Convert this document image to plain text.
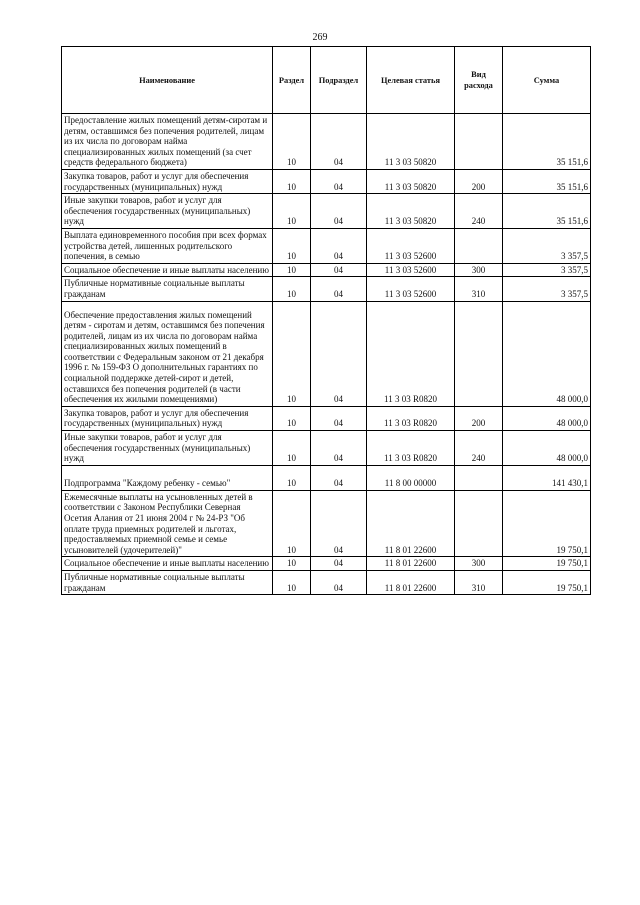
269
Наименование	Раздел	Подраздел	Целевая статья	Вид расхода	Сумма
Предоставление жилых помещений детям-сиротам и детям, оставшимся без попечения родителей, лицам из их числа по договорам найма специализированных жилых помещений (за счет средств федерального бюджета)	10	04	11 3 03 50820		35 151,6
Закупка товаров, работ и услуг для обеспечения государственных (муниципальных) нужд	10	04	11 3 03 50820	200	35 151,6
Иные закупки товаров, работ и услуг для обеспечения государственных (муниципальных) нужд	10	04	11 3 03 50820	240	35 151,6
Выплата единовременного пособия при всех формах устройства детей, лишенных родительского попечения, в семью	10	04	11 3 03 52600		3 357,5
Социальное обеспечение и иные выплаты населению	10	04	11 3 03 52600	300	3 357,5
Публичные нормативные социальные выплаты гражданам	10	04	11 3 03 52600	310	3 357,5
Обеспечение предоставления жилых помещений детям - сиротам и детям, оставшимся без попечения родителей, лицам из их числа по договорам найма специализированных жилых помещений в соответствии с Федеральным законом от 21 декабря 1996 г. № 159-ФЗ О дополнительных гарантиях по социальной поддержке детей-сирот и детей, оставшихся без попечения родителей (в части обеспечения их жилыми помещениями)	10	04	11 3 03 R0820		48 000,0
Закупка товаров, работ и услуг для обеспечения государственных (муниципальных) нужд	10	04	11 3 03 R0820	200	48 000,0
Иные закупки товаров, работ и услуг для обеспечения государственных (муниципальных) нужд	10	04	11 3 03 R0820	240	48 000,0
Подпрограмма "Каждому ребенку - семью"	10	04	11 8 00 00000		141 430,1
Ежемесячные выплаты на усыновленных детей в соответствии с Законом Республики Северная Осетия Алания от 21 июня 2004 г № 24-РЗ "Об оплате труда приемных родителей и льготах, предоставляемых приемной семье и семье усыновителей (удочерителей)"	10	04	11 8 01 22600		19 750,1
Социальное обеспечение и иные выплаты населению	10	04	11 8 01 22600	300	19 750,1
Публичные нормативные социальные выплаты гражданам	10	04	11 8 01 22600	310	19 750,1
